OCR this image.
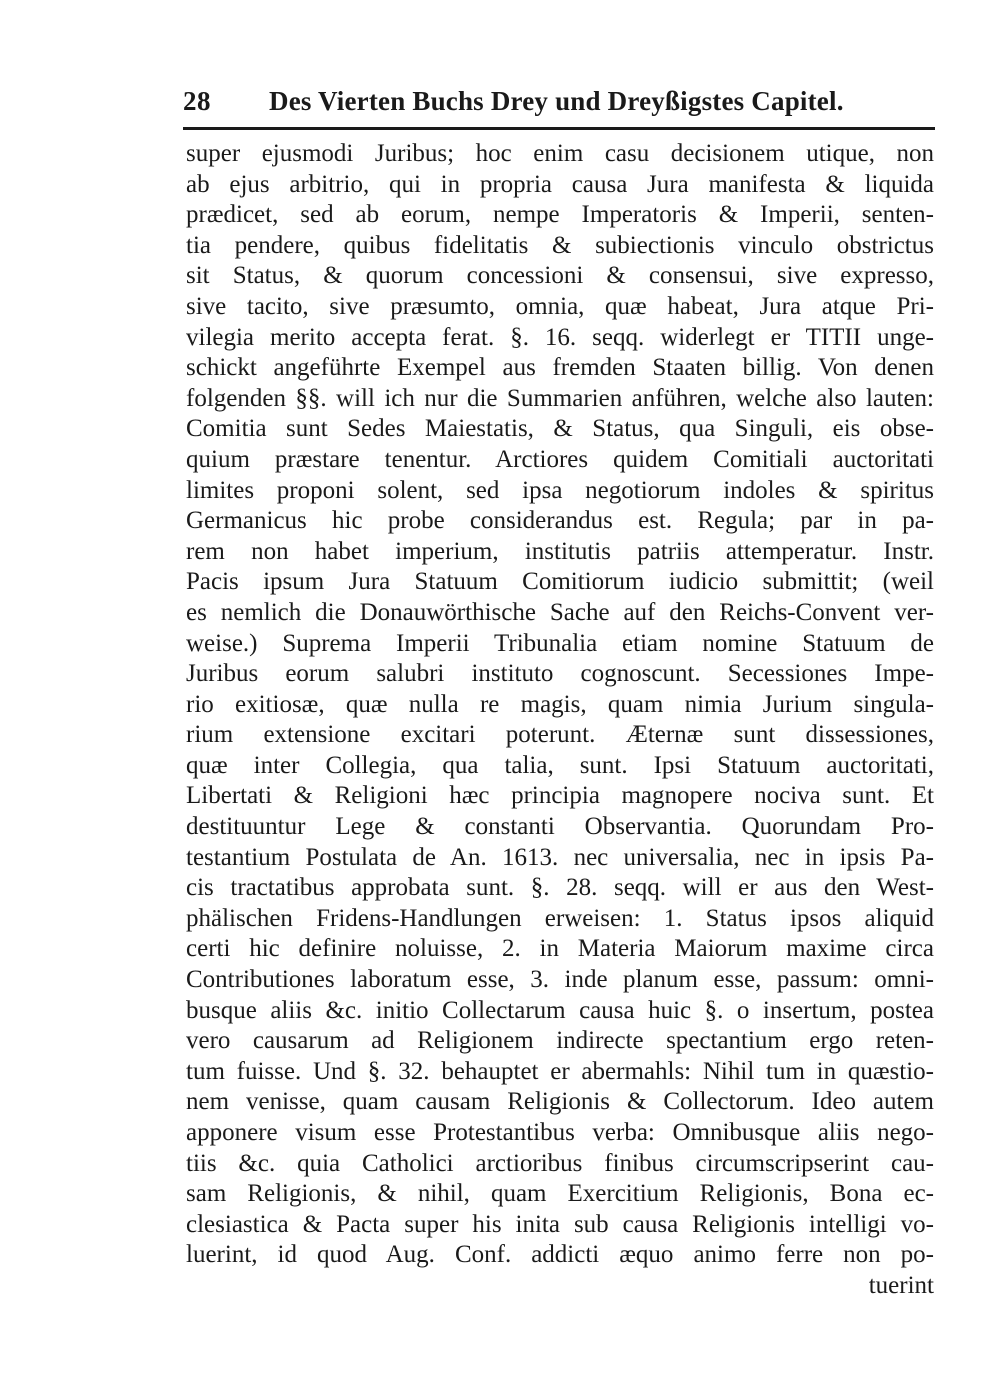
28 Des Vierten Buchs Drey und Dreyßigstes Capitel.
super ejusmodi Juribus; hoc enim casu decisionem utique, non
ab ejus arbitrio, qui in propria causa Jura manifesta & liquida
prædicet, sed ab eorum, nempe Imperatoris & Imperii, senten-
tia pendere, quibus fidelitatis & subiectionis vinculo obstrictus
sit Status, & quorum concessioni & consensui, sive expresso,
sive tacito, sive præsumto, omnia, quæ habeat, Jura atque Pri-
vilegia merito accepta ferat. §. 16. seqq. widerlegt er TITII unge-
schickt angeführte Exempel aus fremden Staaten billig. Von denen
folgenden §§. will ich nur die Summarien anführen, welche also lauten:
Comitia sunt Sedes Maiestatis, & Status, qua Singuli, eis obse-
quium præstare tenentur. Arctiores quidem Comitiali auctoritati
limites proponi solent, sed ipsa negotiorum indoles & spiritus
Germanicus hic probe considerandus est. Regula; par in pa-
rem non habet imperium, institutis patriis attemperatur. Instr.
Pacis ipsum Jura Statuum Comitiorum iudicio submittit; (weil
es nemlich die Donauwörthische Sache auf den Reichs-Convent ver-
weise.) Suprema Imperii Tribunalia etiam nomine Statuum de
Juribus eorum salubri instituto cognoscunt. Secessiones Impe-
rio exitiosæ, quæ nulla re magis, quam nimia Jurium singula-
rium extensione excitari poterunt. Æternæ sunt dissessiones,
quæ inter Collegia, qua talia, sunt. Ipsi Statuum auctoritati,
Libertati & Religioni hæc principia magnopere nociva sunt. Et
destituuntur Lege & constanti Observantia. Quorundam Pro-
testantium Postulata de An. 1613. nec universalia, nec in ipsis Pa-
cis tractatibus approbata sunt. §. 28. seqq. will er aus den West-
phälischen Fridens-Handlungen erweisen: 1. Status ipsos aliquid
certi hic definire noluisse, 2. in Materia Maiorum maxime circa
Contributiones laboratum esse, 3. inde planum esse, passum: omni-
busque aliis &c. initio Collectarum causa huic §. o insertum, postea
vero causarum ad Religionem indirecte spectantium ergo reten-
tum fuisse. Und §. 32. behauptet er abermahls: Nihil tum in quæstio-
nem venisse, quam causam Religionis & Collectorum. Ideo autem
apponere visum esse Protestantibus verba: Omnibusque aliis nego-
tiis &c. quia Catholici arctioribus finibus circumscripserint cau-
sam Religionis, & nihil, quam Exercitium Religionis, Bona ec-
clesiastica & Pacta super his inita sub causa Religionis intelligi vo-
luerint, id quod Aug. Conf. addicti æquo animo ferre non po-
tuerint
